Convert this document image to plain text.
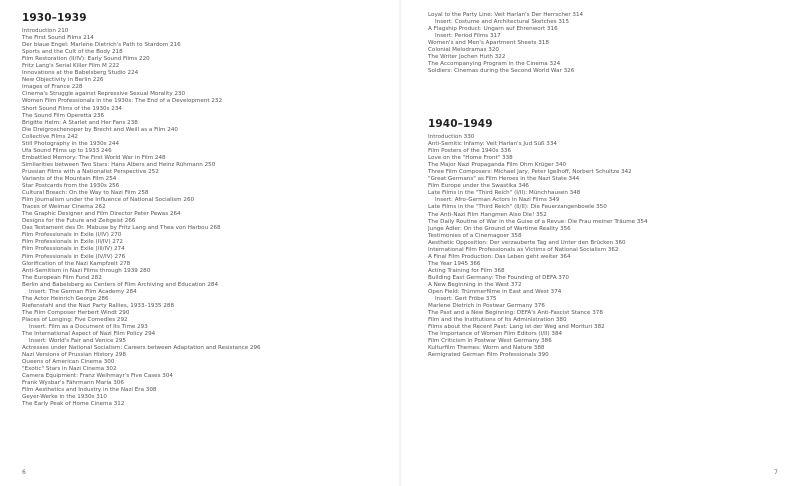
1930–1939
Introduction 210
The First Sound Films 214
Der blaue Engel: Marlene Dietrich's Path to Stardom 216
Sports and the Cult of the Body 218
Film Restoration (II/IV): Early Sound Films 220
Fritz Lang's Serial Killer Film M 222
Innovations at the Babelsberg Studio 224
New Objectivity in Berlin 226
Images of France 228
Cinema's Struggle against Repressive Sexual Morality 230
Women Film Professionals in the 1930s: The End of a Development 232
Short Sound Films of the 1930s 234
The Sound Film Operetta 236
Brigitte Helm: A Starlet and Her Fans 238
Die Dreigroschenoper by Brecht and Weill as a Film 240
Collective Films 242
Still Photography in the 1930s 244
Ufa Sound Films up to 1933 246
Embattled Memory: The First World War in Film 248
Similarities between Two Stars: Hans Albers and Heinz Rühmann 250
Prussian Films with a Nationalist Perspective 252
Variants of the Mountain Film 254
Star Postcards from the 1930s 256
Cultural Breach: On the Way to Nazi Film 258
Film Journalism under the Influence of National Socialism 260
Traces of Weimar Cinema 262
The Graphic Designer and Film Director Peter Pewas 264
Designs for the Future and Zeitgeist 266
Das Testament des Dr. Mabuse by Fritz Lang and Thea von Harbou 268
Film Professionals in Exile (I/IV) 270
Film Professionals in Exile (II/IV) 272
Film Professionals in Exile (III/IV) 274
Film Professionals in Exile (IV/IV) 276
Glorification of the Nazi Kampfzeit 278
Anti-Semitism in Nazi Films through 1939 280
The European Film Fund 282
Berlin and Babelsberg as Centers of Film Archiving and Education 284
Insert: The German Film Academy 284
The Actor Heinrich George 286
Riefenstahl and the Nazi Party Rallies, 1933–1935 288
The Film Composer Herbert Windt 290
Places of Longing: Five Comedies 292
Insert: Film as a Document of Its Time 293
The International Aspect of Nazi Film Policy 294
Insert: World's Fair and Venice 295
Actresses under National Socialism: Careers between Adaptation and Resistance 296
Nazi Versions of Prussian History 298
Queens of American Cinema 300
"Exotic" Stars in Nazi Cinema 302
Camera Equipment: Franz Weihmayr's Five Cases 304
Frank Wysbar's Fährmann Maria 306
Film Aesthetics and Industry in the Nazi Era 308
Geyer-Werke in the 1930s 310
The Early Peak of Home Cinema 312
6
Loyal to the Party Line: Veit Harlan's Der Herrscher 314
Insert: Costume and Architectural Sketches 315
A Flagship Product: Ungarn auf Ehrenwort 316
Insert: Period Films 317
Women's and Men's Apartment Sheets 318
Colonial Melodramas 320
The Writer Jochen Huth 322
The Accompanying Program in the Cinema 324
Soldiers: Cinemas during the Second World War 326
1940–1949
Introduction 330
Anti-Semitic Infamy: Veit Harlan's Jud Süß 334
Film Posters of the 1940s 336
Love on the "Home Front" 338
The Major Nazi Propaganda Film Ohm Krüger 340
Three Film Composers: Michael Jary, Peter Igelhoff, Norbert Schultze 342
"Great Germans" as Film Heroes in the Nazi State 344
Film Europe under the Swastika 346
Late Films in the "Third Reich" (I/II): Münchhausen 348
Insert: Afro-German Actors in Nazi Films 349
Late Films in the "Third Reich" (II/II): Die Feuerzangenbowle 350
The Anti-Nazi Film Hangmen Also Die! 352
The Daily Routine of War in the Guise of a Revue: Die Frau meiner Träume 354
Junge Adler: On the Ground of Wartime Reality 356
Testimonies of a Cinemagoer 358
Aesthetic Opposition: Der verzauberte Tag and Unter den Brücken 360
International Film Professionals as Victims of National Socialism 362
A Final Film Production: Das Leben geht weiter 364
The Year 1945 366
Acting Training for Film 368
Building East Germany: The Founding of DEFA 370
A New Beginning in the West 372
Open Field: Trümmerfilme in East and West 374
Insert: Gert Fröbe 375
Marlene Dietrich in Postwar Germany 376
The Past and a New Beginning: DEFA's Anti-Fascist Stance 378
Film and the Institutions of Its Administration 380
Films about the Recent Past: Lang ist der Weg and Morituri 382
The Importance of Women Film Editors (I/II) 384
Film Criticism in Postwar West Germany 386
Kulturfilm Themes: Worm and Nature 388
Remigrated German Film Professionals 390
7
